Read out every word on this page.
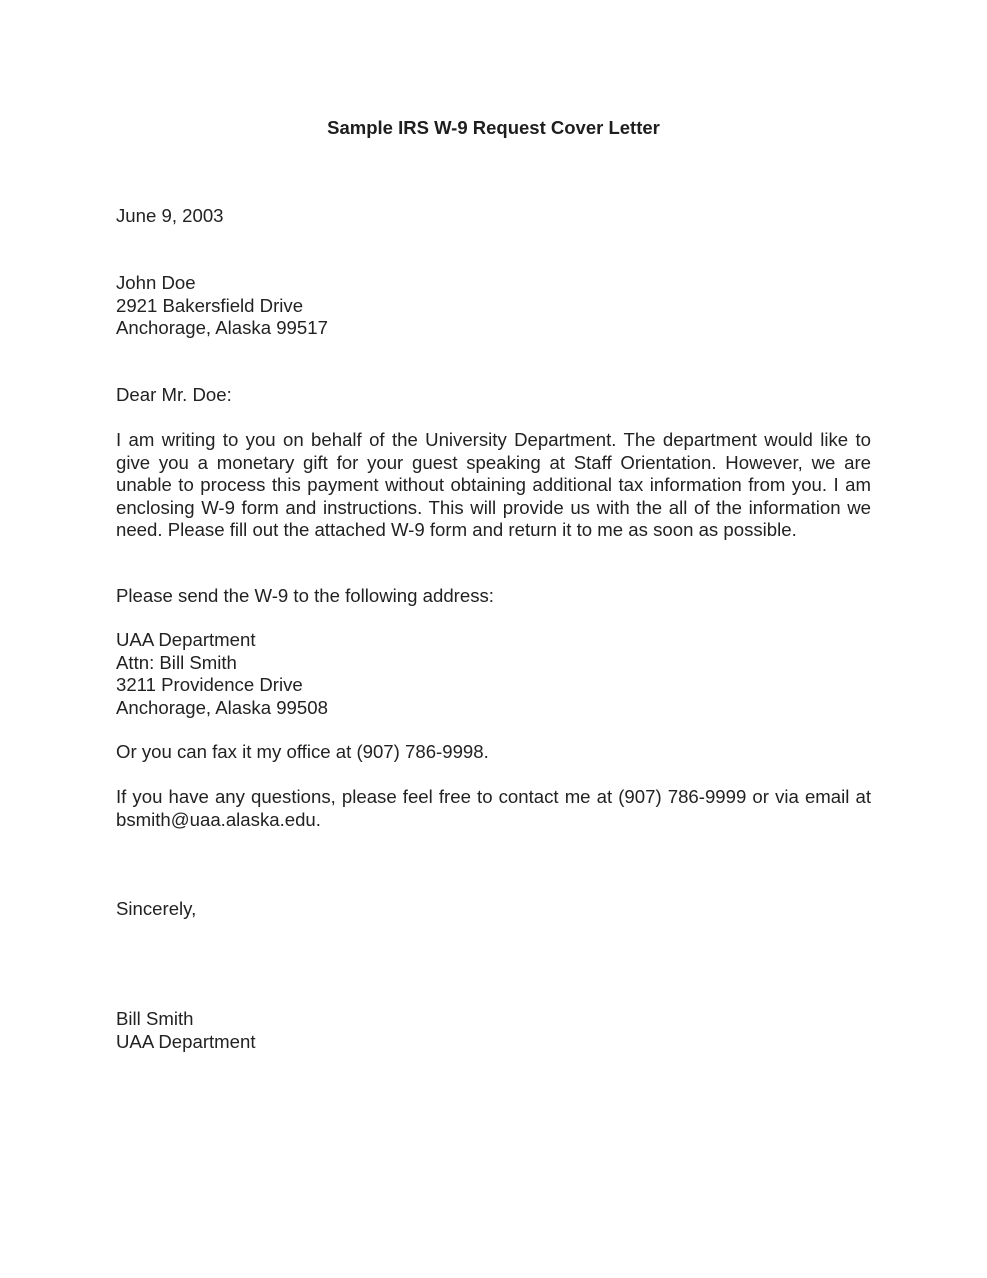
Sample IRS W-9 Request Cover Letter
June 9, 2003
John Doe
2921 Bakersfield Drive
Anchorage, Alaska 99517
Dear Mr. Doe:
I am writing to you on behalf of the University Department. The department would like to give you a monetary gift for your guest speaking at Staff Orientation. However, we are unable to process this payment without obtaining additional tax information from you. I am enclosing W-9 form and instructions. This will provide us with the all of the information we need. Please fill out the attached W-9 form and return it to me as soon as possible.
Please send the W-9 to the following address:
UAA Department
Attn: Bill Smith
3211 Providence Drive
Anchorage, Alaska 99508
Or you can fax it my office at (907) 786-9998.
If you have any questions, please feel free to contact me at (907) 786-9999 or via email at bsmith@uaa.alaska.edu.
Sincerely,
Bill Smith
UAA Department
